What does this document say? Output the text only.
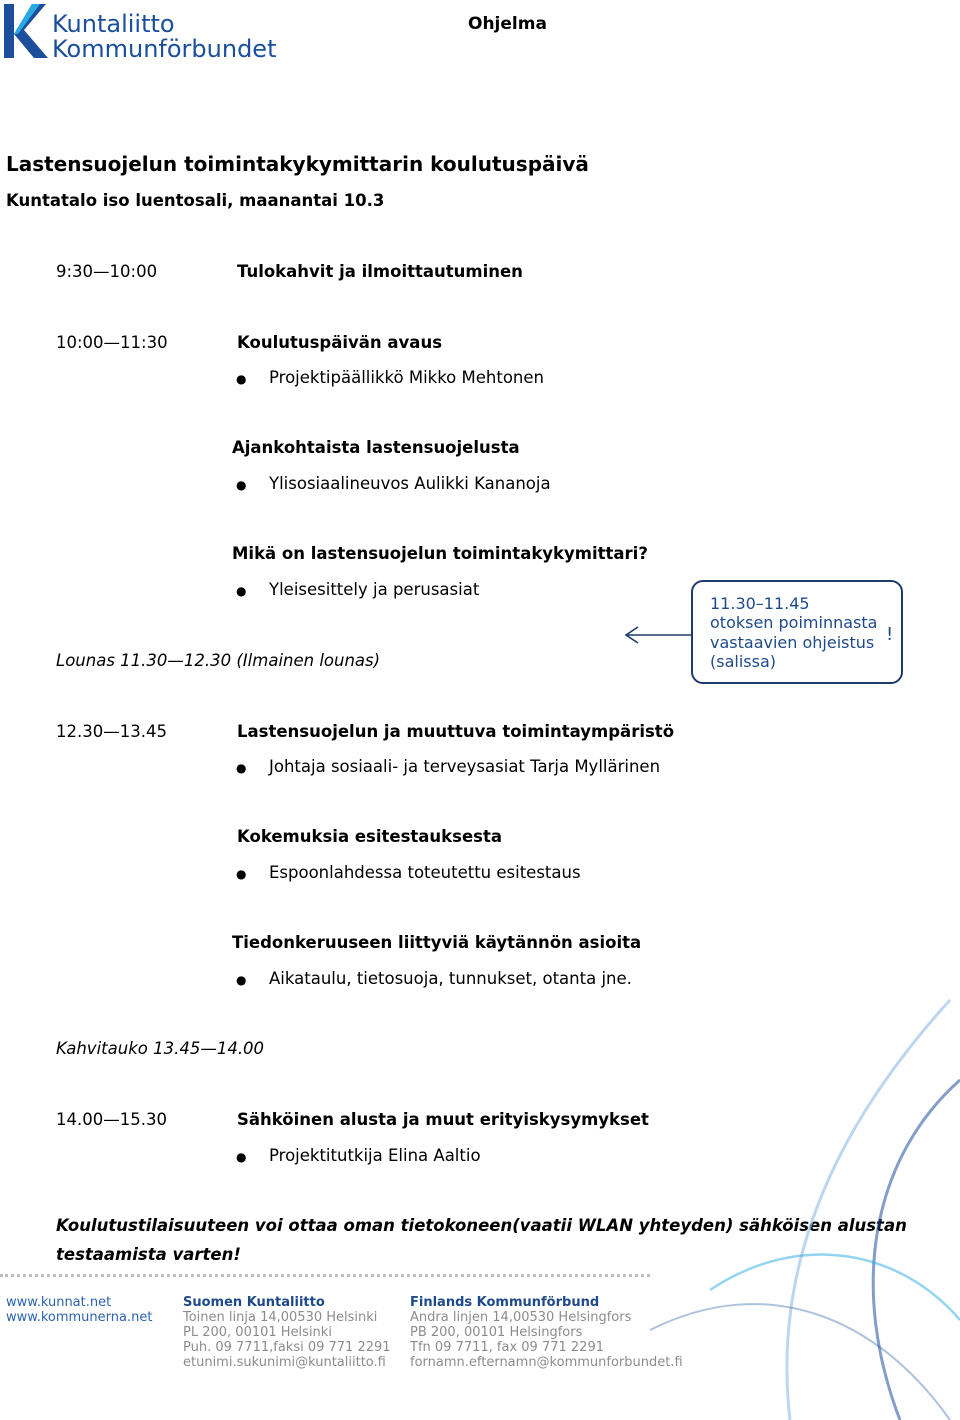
Kuntaliitto
Kommunförbundet
Ohjelma
Lastensuojelun toimintakykymittarin koulutuspäivä
Kuntatalo iso luentosali, maanantai 10.3
9:30—10:00	Tulokahvit ja ilmoittautuminen
10:00—11:30	Koulutuspäivän avaus
● Projektipäällikkö Mikko Mehtonen
Ajankohtaista lastensuojelusta
● Ylisosiaalineuvos Aulikki Kananoja
Mikä on lastensuojelun toimintakykymittari?
● Yleisesittely ja perusasiat
Lounas 11.30—12.30 (Ilmainen lounas)
11.30–11.45
otoksen poiminnasta
vastaavien ohjeistus
(salissa)
!
12.30—13.45	Lastensuojelun ja muuttuva toimintaympäristö
● Johtaja sosiaali- ja terveysasiat Tarja Myllärinen
Kokemuksia esitestauksesta
● Espoonlahdessa toteutettu esitestaus
Tiedonkeruuseen liittyviä käytännön asioita
● Aikataulu, tietosuoja, tunnukset, otanta jne.
Kahvitauko 13.45—14.00
14.00—15.30	Sähköinen alusta ja muut erityiskysymykset
● Projektitutkija Elina Aaltio
Koulutustilaisuuteen voi ottaa oman tietokoneen(vaatii WLAN yhteyden) sähköisen alustan
testaamista varten!
www.kunnat.net
www.kommunerna.net
Suomen Kuntaliitto
Toinen linja 14,00530 Helsinki
PL 200, 00101 Helsinki
Puh. 09 7711,faksi 09 771 2291
etunimi.sukunimi@kuntaliitto.fi
Finlands Kommunförbund
Andra linjen 14,00530 Helsingfors
PB 200, 00101 Helsingfors
Tfn 09 7711, fax 09 771 2291
fornamn.efternamn@kommunforbundet.fi
